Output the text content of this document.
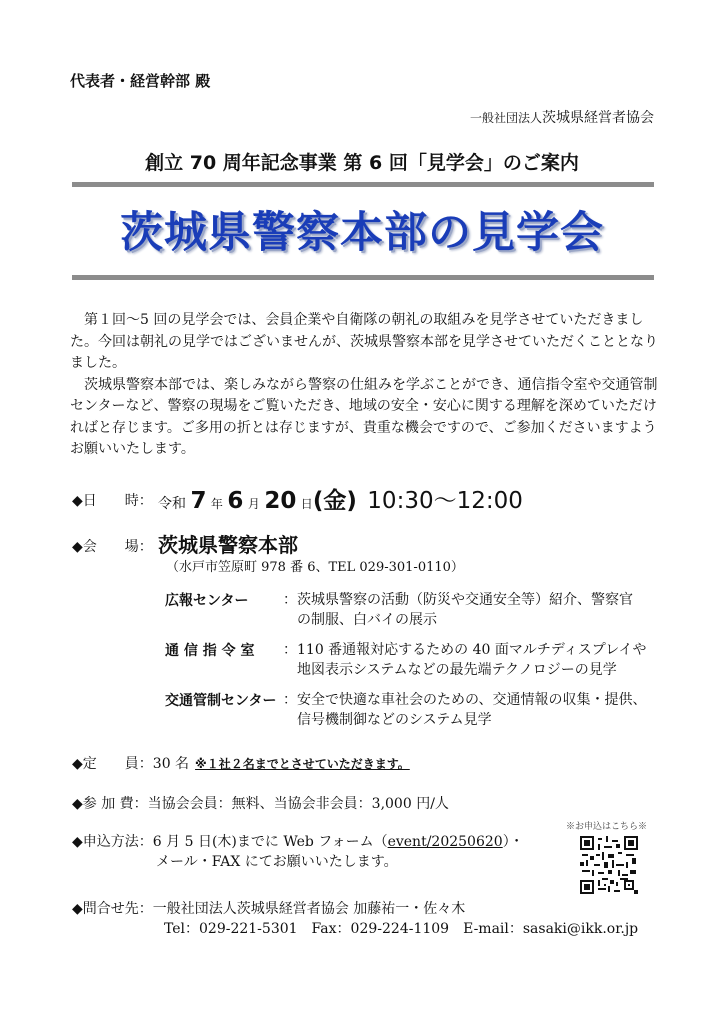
代表者・経営幹部 殿
一般社団法人茨城県経営者協会
創立 70 周年記念事業 第 6 回「見学会」のご案内
茨城県警察本部の見学会

　第１回～5 回の見学会では、会員企業や自衛隊の朝礼の取組みを見学させていただきました。今回は朝礼の見学ではございませんが、茨城県警察本部を見学させていただくこととなりました。

　茨城県警察本部では、楽しみながら警察の仕組みを学ぶことができ、通信指令室や交通管制センターなど、警察の現場をご覧いただき、地域の安全・安心に関する理解を深めていただければと存じます。ご多用の折とは存じますが、貴重な機会ですので、ご参加くださいますようお願いいたします。

◆日　　時： 令和 7 年 6 月 20 日(金) 10:30～12:00
◆会　　場： 茨城県警察本部
（水戸市笠原町 978 番 6、TEL 029-301-0110）
広報センター ：茨城県警察の活動（防災や交通安全等）紹介、警察官
　の制服、白バイの展示
通 信 指 令 室 ：110 番通報対応するための 40 面マルチディスプレイや
　地図表示システムなどの最先端テクノロジーの見学
交通管制センター ：安全で快適な車社会のための、交通情報の収集・提供、
　信号機制御などのシステム見学
◆定　　員：30 名 ※１社２名までとさせていただきます。
◆参 加 費：当協会会員：無料、当協会非会員：3,000 円/人
◆申込方法：6 月 5 日(木)までに Web フォーム（event/20250620）・
メール・FAX にてお願いいたします。
※お申込はこちら※
◆問合せ先：一般社団法人茨城県経営者協会 加藤祐一・佐々木
Tel：029-221-5301　Fax：029-224-1109　E-mail：sasaki@ikk.or.jp
